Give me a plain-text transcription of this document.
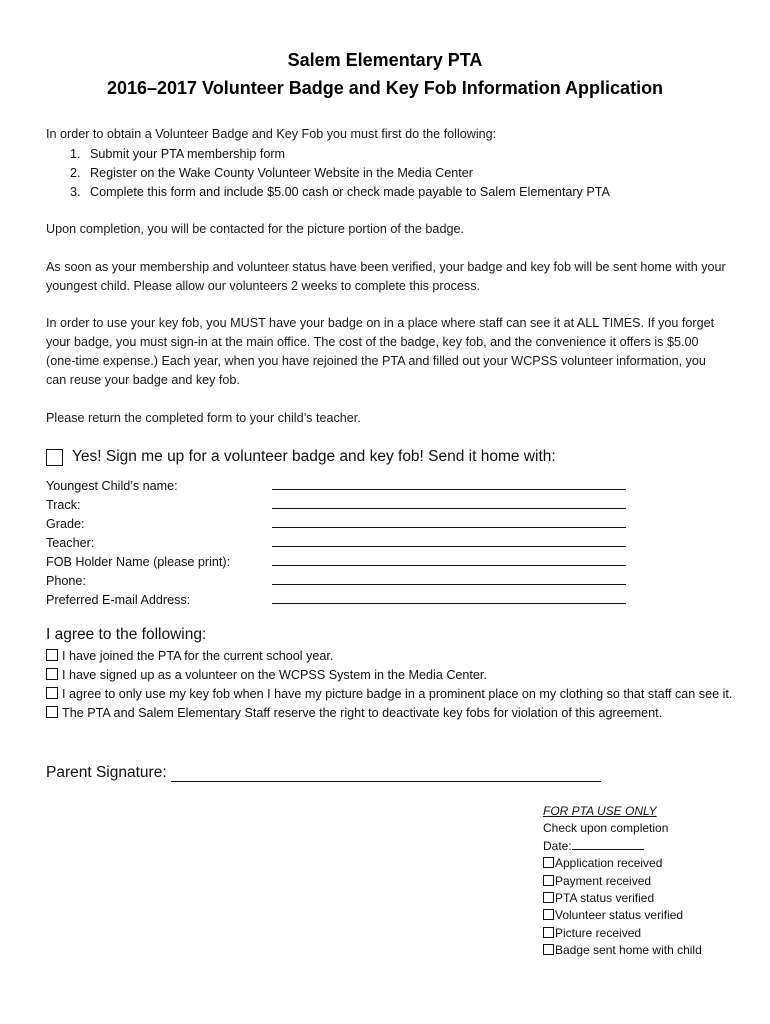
Salem Elementary PTA
2016–2017 Volunteer Badge and Key Fob Information Application
In order to obtain a Volunteer Badge and Key Fob you must first do the following:
1. Submit your PTA membership form
2. Register on the Wake County Volunteer Website in the Media Center
3. Complete this form and include $5.00 cash or check made payable to Salem Elementary PTA
Upon completion, you will be contacted for the picture portion of the badge.
As soon as your membership and volunteer status have been verified, your badge and key fob will be sent home with your youngest child. Please allow our volunteers 2 weeks to complete this process.
In order to use your key fob, you MUST have your badge on in a place where staff can see it at ALL TIMES. If you forget your badge, you must sign-in at the main office. The cost of the badge, key fob, and the convenience it offers is $5.00 (one-time expense.) Each year, when you have rejoined the PTA and filled out your WCPSS volunteer information, you can reuse your badge and key fob.
Please return the completed form to your child’s teacher.
Yes! Sign me up for a volunteer badge and key fob! Send it home with:
Youngest Child’s name:
Track:
Grade:
Teacher:
FOB Holder Name (please print):
Phone:
Preferred E-mail Address:
I agree to the following:
I have joined the PTA for the current school year.
I have signed up as a volunteer on the WCPSS System in the Media Center.
I agree to only use my key fob when I have my picture badge in a prominent place on my clothing so that staff can see it.
The PTA and Salem Elementary Staff reserve the right to deactivate key fobs for violation of this agreement.
Parent Signature:
FOR PTA USE ONLY
Check upon completion
Date:
Application received
Payment received
PTA status verified
Volunteer status verified
Picture received
Badge sent home with child
